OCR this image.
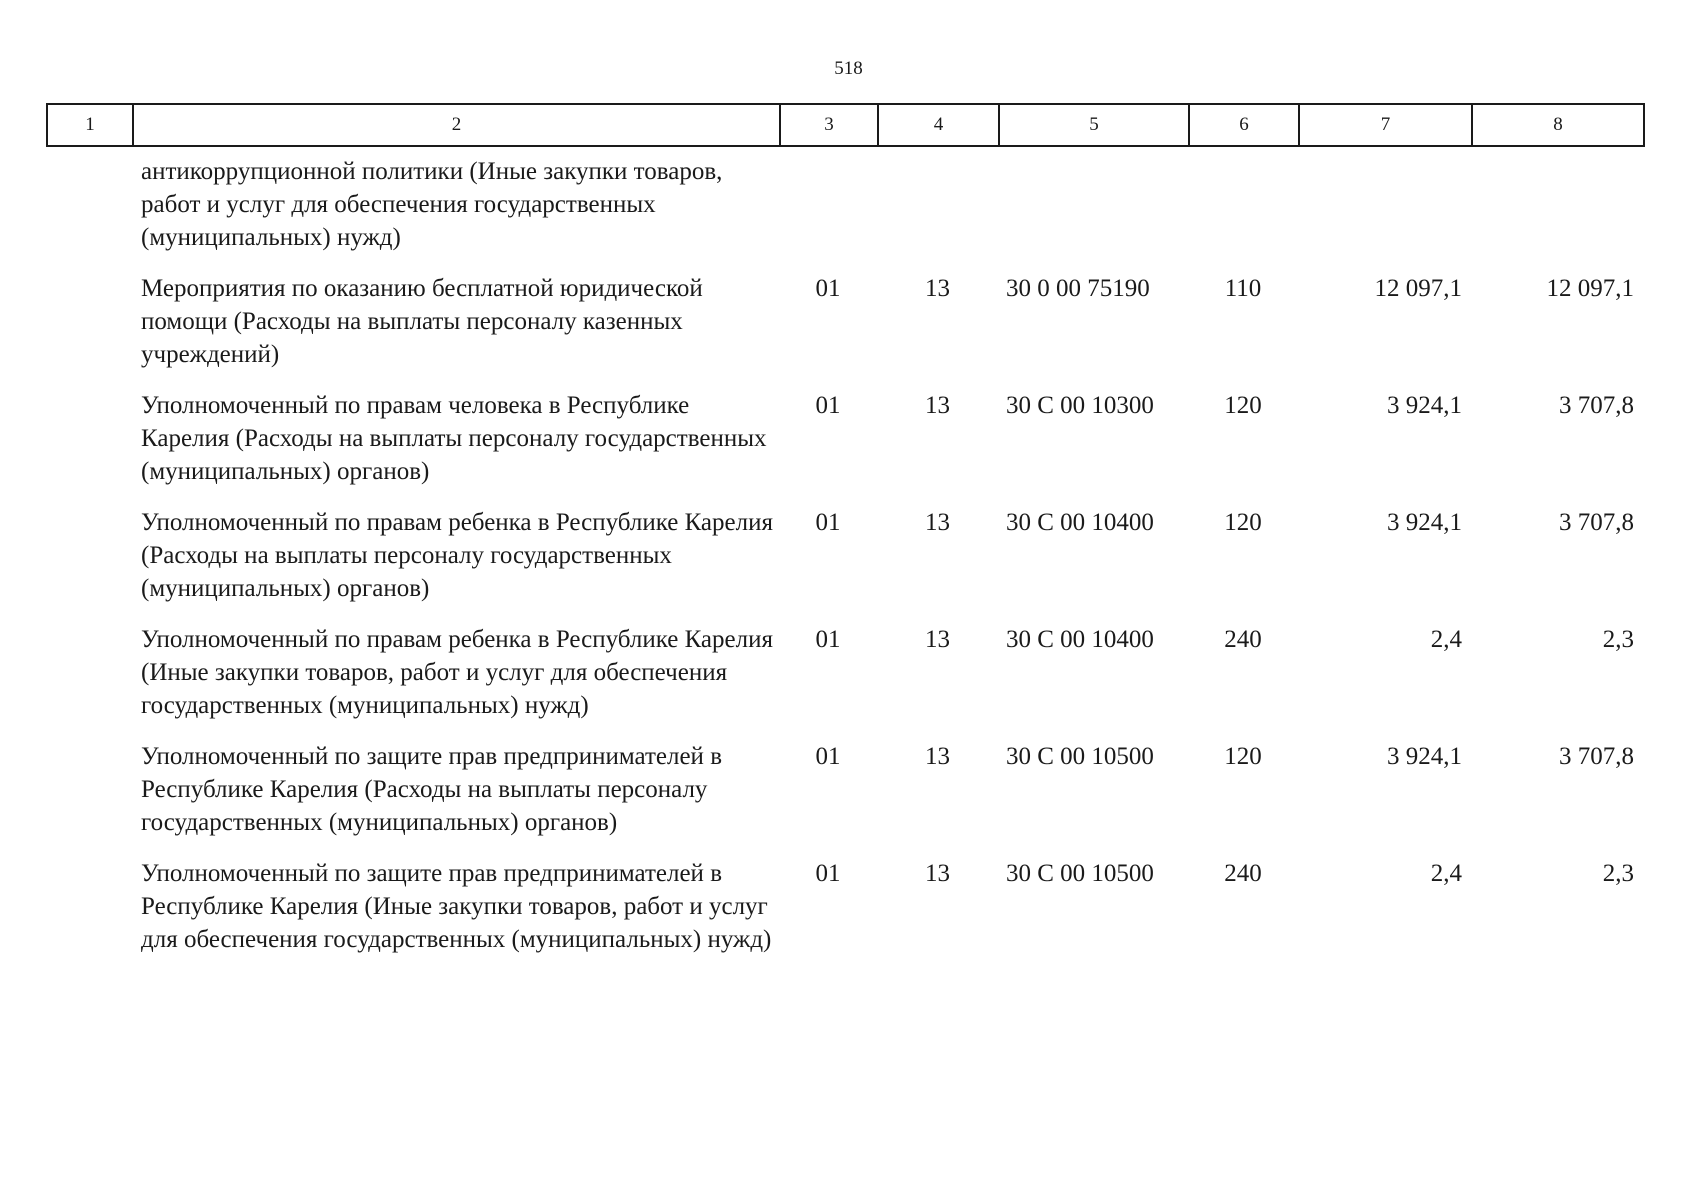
518
1	2	3	4	5	6	7	8
	антикоррупционной политики (Иные закупки товаров, работ и услуг для обеспечения государственных (муниципальных) нужд)						
	Мероприятия по оказанию бесплатной юридической помощи (Расходы на выплаты персоналу казенных учреждений)	01	13	30 0 00 75190	110	12 097,1	12 097,1
	Уполномоченный по правам человека в Республике Карелия (Расходы на выплаты персоналу государственных (муниципальных) органов)	01	13	30 С 00 10300	120	3 924,1	3 707,8
	Уполномоченный по правам ребенка в Республике Карелия (Расходы на выплаты персоналу государственных (муниципальных) органов)	01	13	30 С 00 10400	120	3 924,1	3 707,8
	Уполномоченный по правам ребенка в Республике Карелия (Иные закупки товаров, работ и услуг для обеспечения государственных (муниципальных) нужд)	01	13	30 С 00 10400	240	2,4	2,3
	Уполномоченный по защите прав предпринимателей в Республике Карелия (Расходы на выплаты персоналу государственных (муниципальных) органов)	01	13	30 С 00 10500	120	3 924,1	3 707,8
	Уполномоченный по защите прав предпринимателей в Республике Карелия (Иные закупки товаров, работ и услуг для обеспечения государственных (муниципальных) нужд)	01	13	30 С 00 10500	240	2,4	2,3
